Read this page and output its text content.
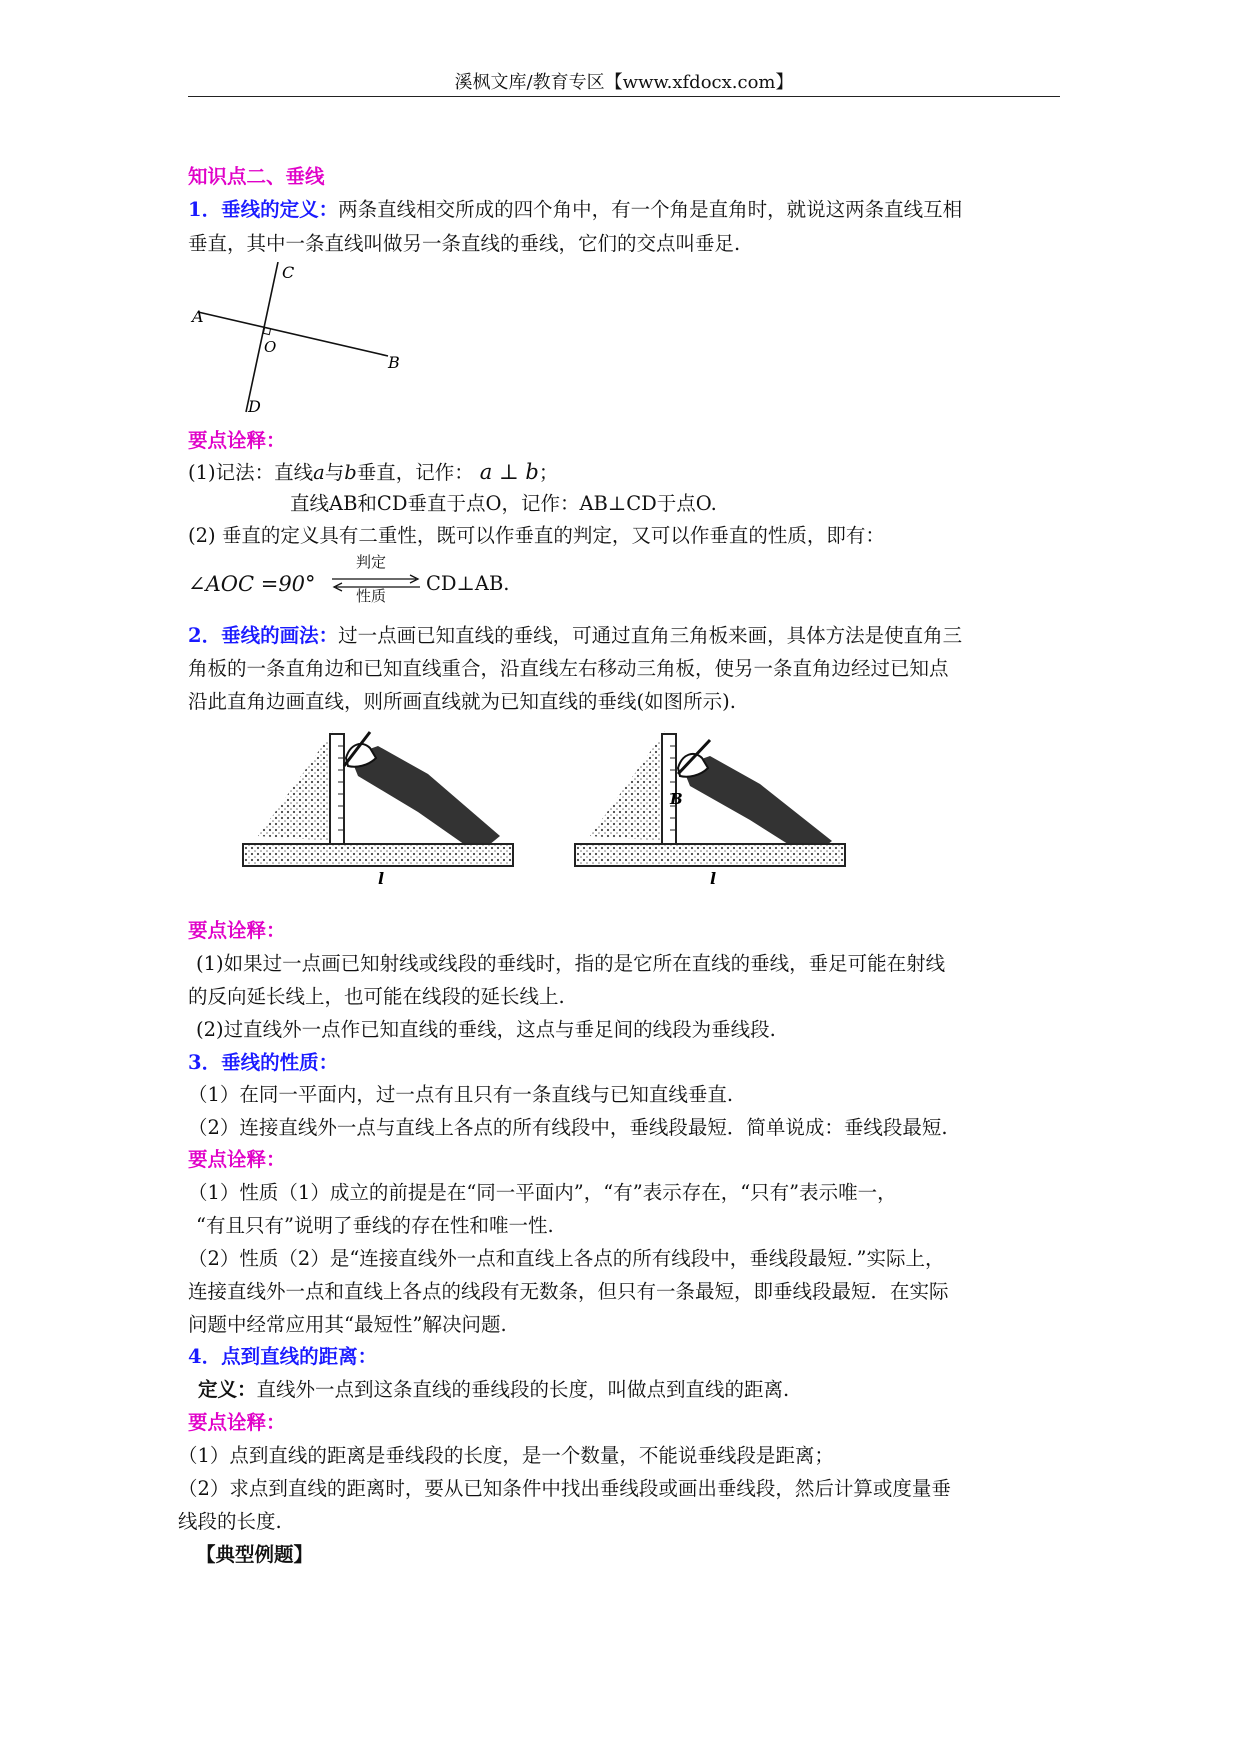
溪枫文库/教育专区【www.xfdocx.com】
知识点二、垂线
1．垂线的定义：两条直线相交所成的四个角中，有一个角是直角时，就说这两条直线互相
垂直，其中一条直线叫做另一条直线的垂线，它们的交点叫垂足.
A
B
C
D
O
要点诠释：
(1)记法：直线a与b垂直，记作： a ⊥ b；
直线AB和CD垂直于点O，记作：AB⊥CD于点O.
(2) 垂直的定义具有二重性，既可以作垂直的判定，又可以作垂直的性质，即有：
∠AOC =90°
判定
性质
CD⊥AB.
2．垂线的画法：过一点画已知直线的垂线，可通过直角三角板来画，具体方法是使直角三
角板的一条直角边和已知直线重合，沿直线左右移动三角板，使另一条直角边经过已知点
沿此直角边画直线，则所画直线就为已知直线的垂线(如图所示).
l
B
l
要点诠释：
(1)如果过一点画已知射线或线段的垂线时，指的是它所在直线的垂线，垂足可能在射线
的反向延长线上，也可能在线段的延长线上.
(2)过直线外一点作已知直线的垂线，这点与垂足间的线段为垂线段.
3．垂线的性质：
（1）在同一平面内，过一点有且只有一条直线与已知直线垂直.
（2）连接直线外一点与直线上各点的所有线段中，垂线段最短．简单说成：垂线段最短.
要点诠释：
（1）性质（1）成立的前提是在“同一平面内”，“有”表示存在，“只有”表示唯一，
“有且只有”说明了垂线的存在性和唯一性.
（2）性质（2）是“连接直线外一点和直线上各点的所有线段中，垂线段最短．”实际上，
连接直线外一点和直线上各点的线段有无数条，但只有一条最短，即垂线段最短．在实际
问题中经常应用其“最短性”解决问题.
4．点到直线的距离：
定义：直线外一点到这条直线的垂线段的长度，叫做点到直线的距离.
要点诠释：
（1）点到直线的距离是垂线段的长度，是一个数量，不能说垂线段是距离；
（2）求点到直线的距离时，要从已知条件中找出垂线段或画出垂线段，然后计算或度量垂
线段的长度.
【典型例题】
